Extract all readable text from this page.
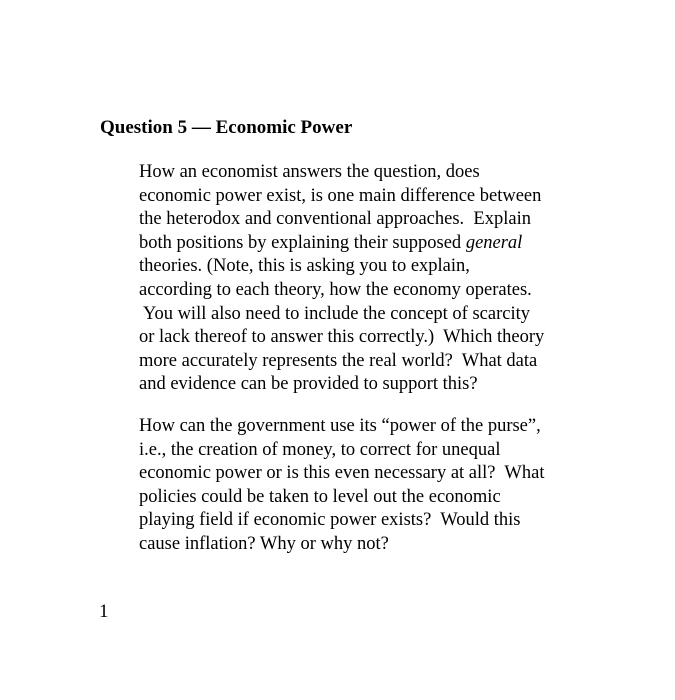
Question 5 — Economic Power
How an economist answers the question, does
economic power exist, is one main difference between
the heterodox and conventional approaches.  Explain
both positions by explaining their supposed general
theories. (Note, this is asking you to explain,
according to each theory, how the economy operates.
You will also need to include the concept of scarcity
or lack thereof to answer this correctly.)  Which theory
more accurately represents the real world?  What data
and evidence can be provided to support this?
How can the government use its “power of the purse”,
i.e., the creation of money, to correct for unequal
economic power or is this even necessary at all?  What
policies could be taken to level out the economic
playing field if economic power exists?  Would this
cause inflation? Why or why not?
1
